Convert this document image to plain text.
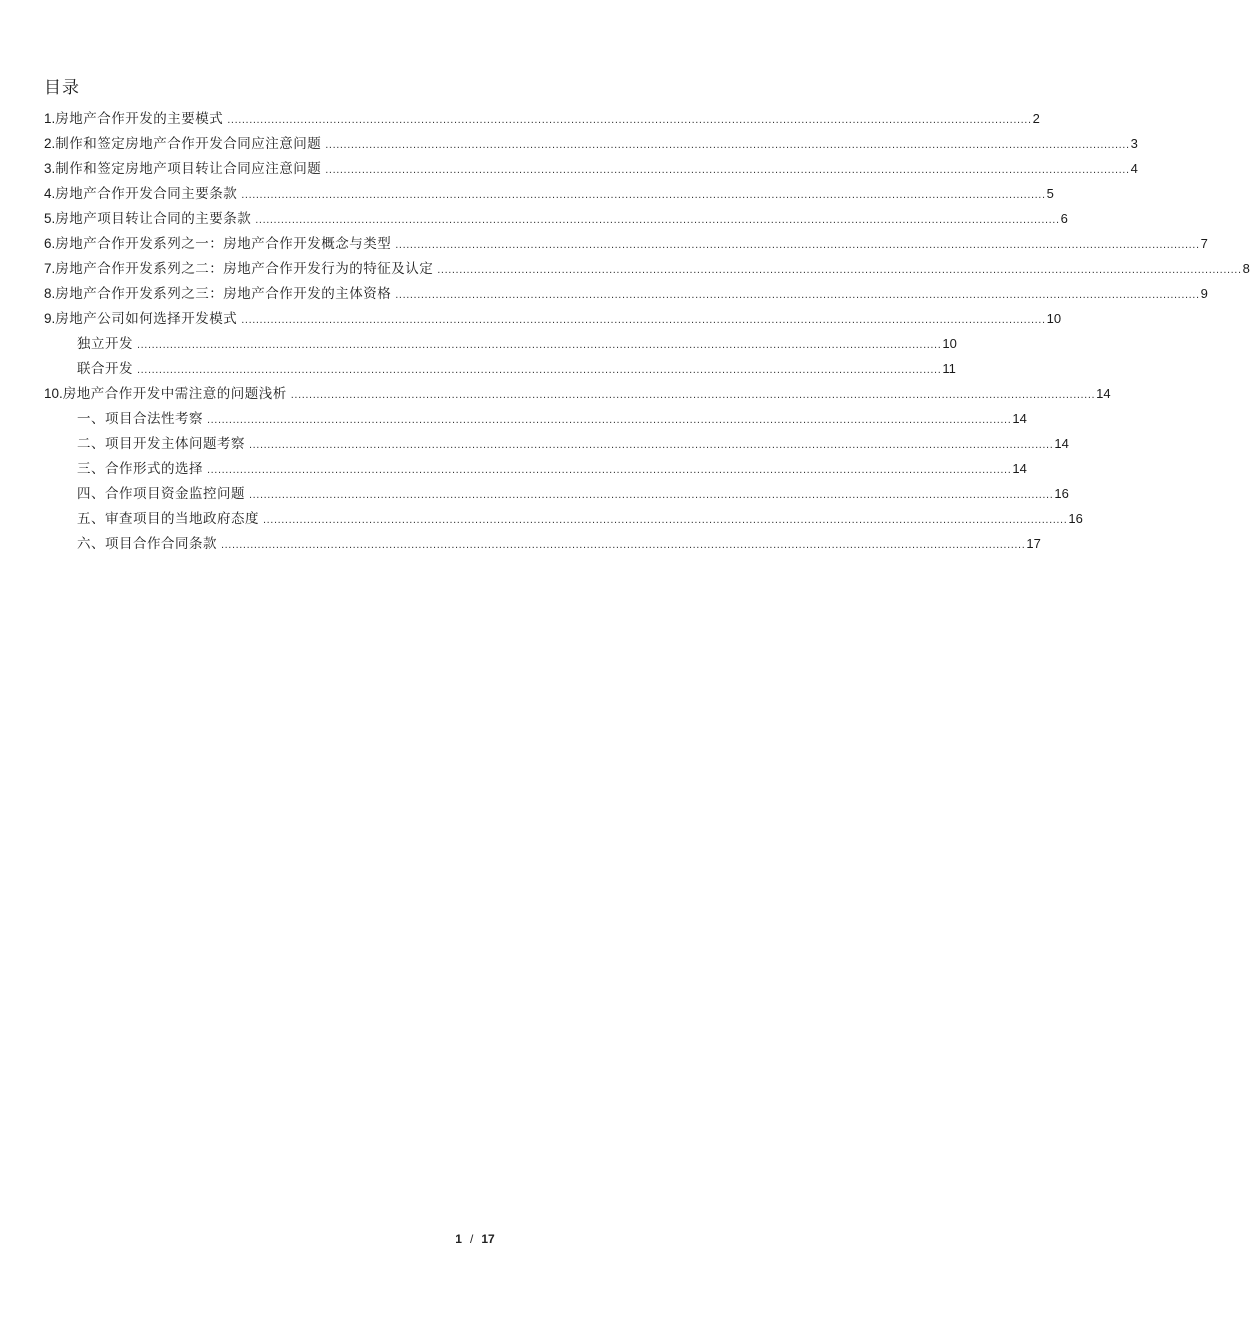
目录
1. 房地产合作开发的主要模式 ............................................................................................................................................................................................................................ 2
2. 制作和签定房地产合作开发合同应注意问题 ............................................................................................................................................................................................................................ 3
3. 制作和签定房地产项目转让合同应注意问题 ............................................................................................................................................................................................................................ 4
4. 房地产合作开发合同主要条款 ............................................................................................................................................................................................................................ 5
5. 房地产项目转让合同的主要条款 ............................................................................................................................................................................................................................ 6
6. 房地产合作开发系列之一：房地产合作开发概念与类型 ............................................................................................................................................................................................................................ 7
7. 房地产合作开发系列之二：房地产合作开发行为的特征及认定 ............................................................................................................................................................................................................................ 8
8. 房地产合作开发系列之三：房地产合作开发的主体资格 ............................................................................................................................................................................................................................ 9
9. 房地产公司如何选择开发模式 ............................................................................................................................................................................................................................ 10
独立开发 ............................................................................................................................................................................................................................ 10
联合开发 ............................................................................................................................................................................................................................ 11
10. 房地产合作开发中需注意的问题浅析 ............................................................................................................................................................................................................................ 14
一、项目合法性考察 ............................................................................................................................................................................................................................ 14
二、项目开发主体问题考察 ............................................................................................................................................................................................................................ 14
三、合作形式的选择 ............................................................................................................................................................................................................................ 14
四、合作项目资金监控问题 ............................................................................................................................................................................................................................ 16
五、审查项目的当地政府态度 ............................................................................................................................................................................................................................ 16
六、项目合作合同条款 ............................................................................................................................................................................................................................ 17
1 / 17
